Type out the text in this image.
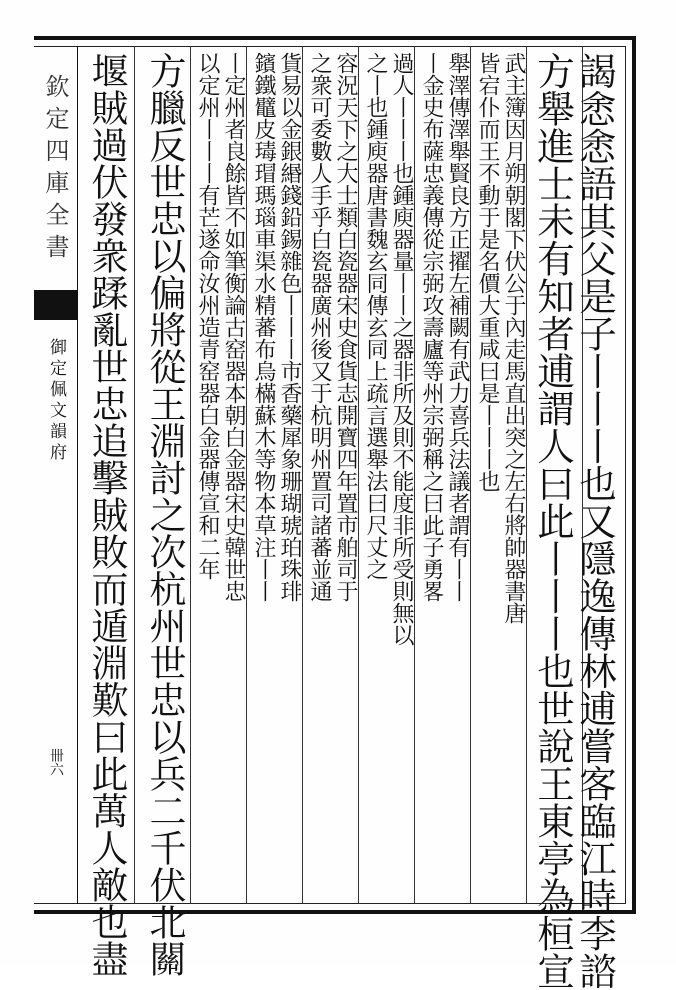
欽定四庫全書
御定佩文韻府
卌六	謁悆悆語其父是子丨丨丨也又隱逸傳林逋嘗客臨江時李諮
方舉進士未有知者逋謂人曰此丨丨丨也世說王東亭為桓宣
武主簿因月朔朝閣下伏公于內走馬直出突之左右將帥器書唐
皆宕仆而王不動于是名價大重咸曰是丨丨丨也
舉澤傳澤舉賢良方正擢左補闕有武力喜兵法議者謂有丨丨
丨金史布薩忠義傳從宗弼攻壽廬等州宗弼稱之曰此子勇畧
過人丨丨丨也鍾庾器量丨丨之器非所及則不能度非所受則無以
之丨也鍾庾器唐書魏玄同傳玄同上疏言選舉法曰尺丈之
容況天下之大士類白瓷器宋史食貨志開寶四年置市舶司于
之衆可委數人手乎白瓷器廣州後又于杭明州置司諸蕃並通
貨易以金銀緡錢鉛錫雜色丨丨丨市香藥犀象珊瑚琥珀珠琲
鑌鐵鼊皮瑇瑁瑪瑙車渠水精蕃布烏樠蘇木等物本草注丨丨
丨定州者良餘皆不如筆衡論古窑器本朝白金器宋史韓世忠
以定州丨丨丨有芒遂命汝州造青窑器白金器傳宣和二年
方臘反世忠以偏將從王淵討之次杭州世忠以兵二千伏北關
堰賊過伏發衆蹂亂世忠追擊賊敗而遁淵歎曰此萬人敵也盡
